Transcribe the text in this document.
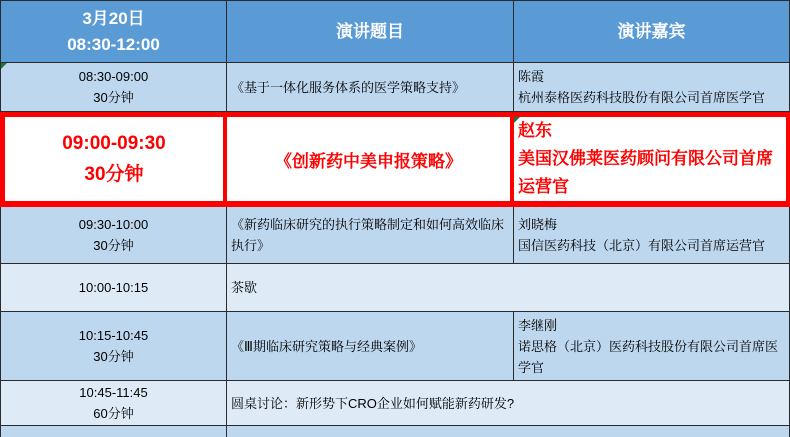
3月20日
08:30-12:00
演讲题目	演讲嘉宾
08:30-09:00
30分钟
《基于一体化服务体系的医学策略支持》
陈霞
杭州泰格医药科技股份有限公司首席医学官
09:00-09:30
30分钟
《创新药中美申报策略》
赵东
美国汉佛莱医药顾问有限公司首席运营官
09:30-10:00
30分钟
《新药临床研究的执行策略制定和如何高效临床执行》
刘晓梅
国信医药科技（北京）有限公司首席运营官
10:00-10:15	茶歇
10:15-10:45
30分钟
《Ⅲ期临床研究策略与经典案例》
李继刚
诺思格（北京）医药科技股份有限公司首席医学官
10:45-11:45
60分钟
圆桌讨论：新形势下CRO企业如何赋能新药研发?
